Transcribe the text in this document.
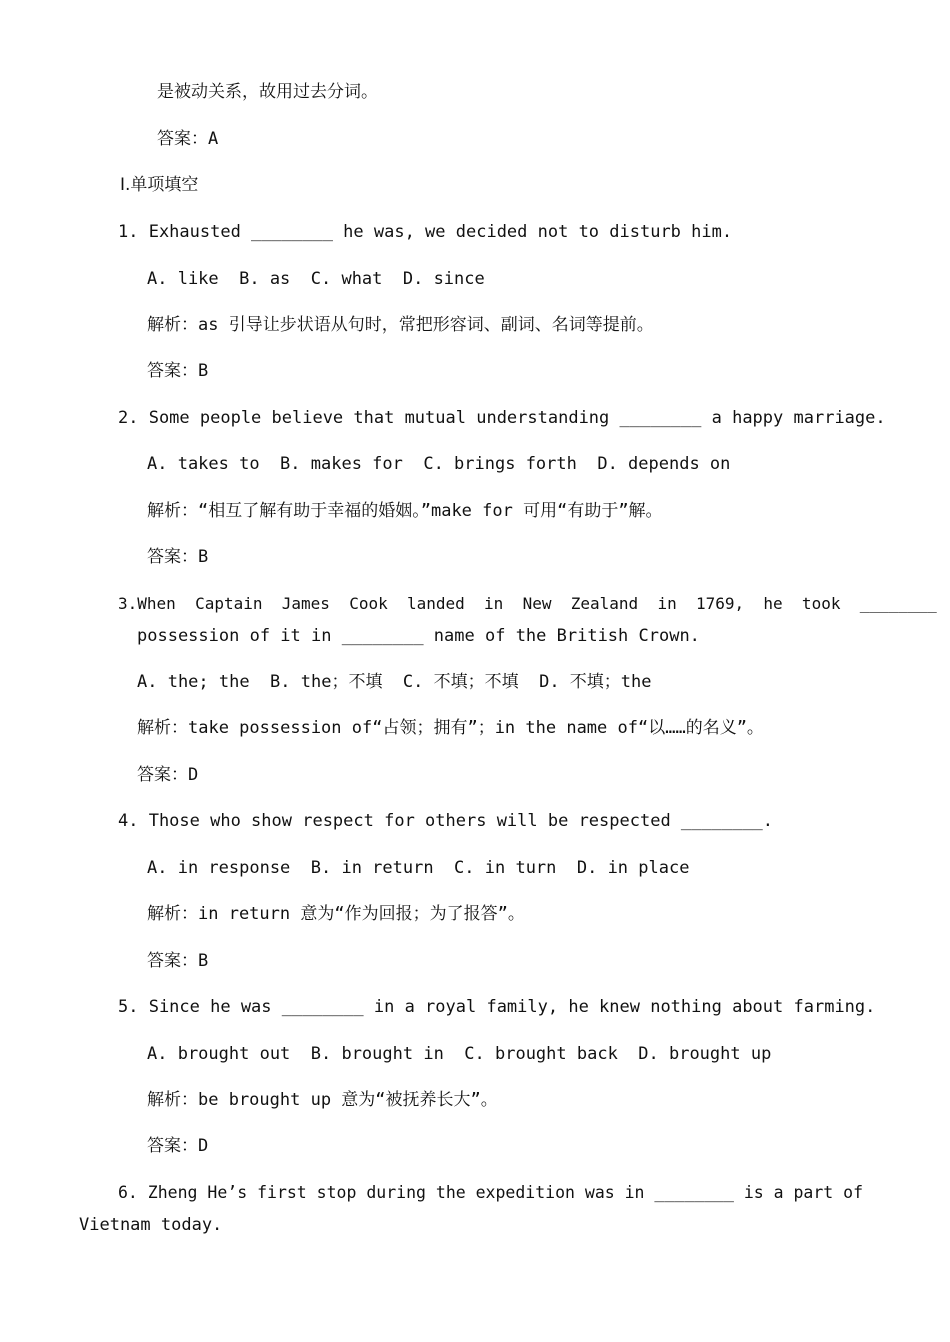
是被动关系，故用过去分词。
答案：A
Ⅰ.单项填空
1. Exhausted ________ he was, we decided not to disturb him.
A. like  B. as  C. what  D. since
解析：as 引导让步状语从句时，常把形容词、副词、名词等提前。
答案：B
2. Some people believe that mutual understanding ________ a happy marriage.
A. takes to  B. makes for  C. brings forth  D. depends on
解析：“相互了解有助于幸福的婚姻。”make for 可用“有助于”解。
答案：B
3.When  Captain  James  Cook  landed  in  New  Zealand  in  1769,  he  took  ________
possession of it in ________ name of the British Crown.
A. the; the  B. the；不填  C. 不填；不填  D. 不填；the
解析：take possession of“占领；拥有”；in the name of“以……的名义”。
答案：D
4. Those who show respect for others will be respected ________.
A. in response  B. in return  C. in turn  D. in place
解析：in return 意为“作为回报；为了报答”。
答案：B
5. Since he was ________ in a royal family, he knew nothing about farming.
A. brought out  B. brought in  C. brought back  D. brought up
解析：be brought up 意为“被抚养长大”。
答案：D
6. Zheng He’s first stop during the expedition was in ________ is a part of
Vietnam today.
